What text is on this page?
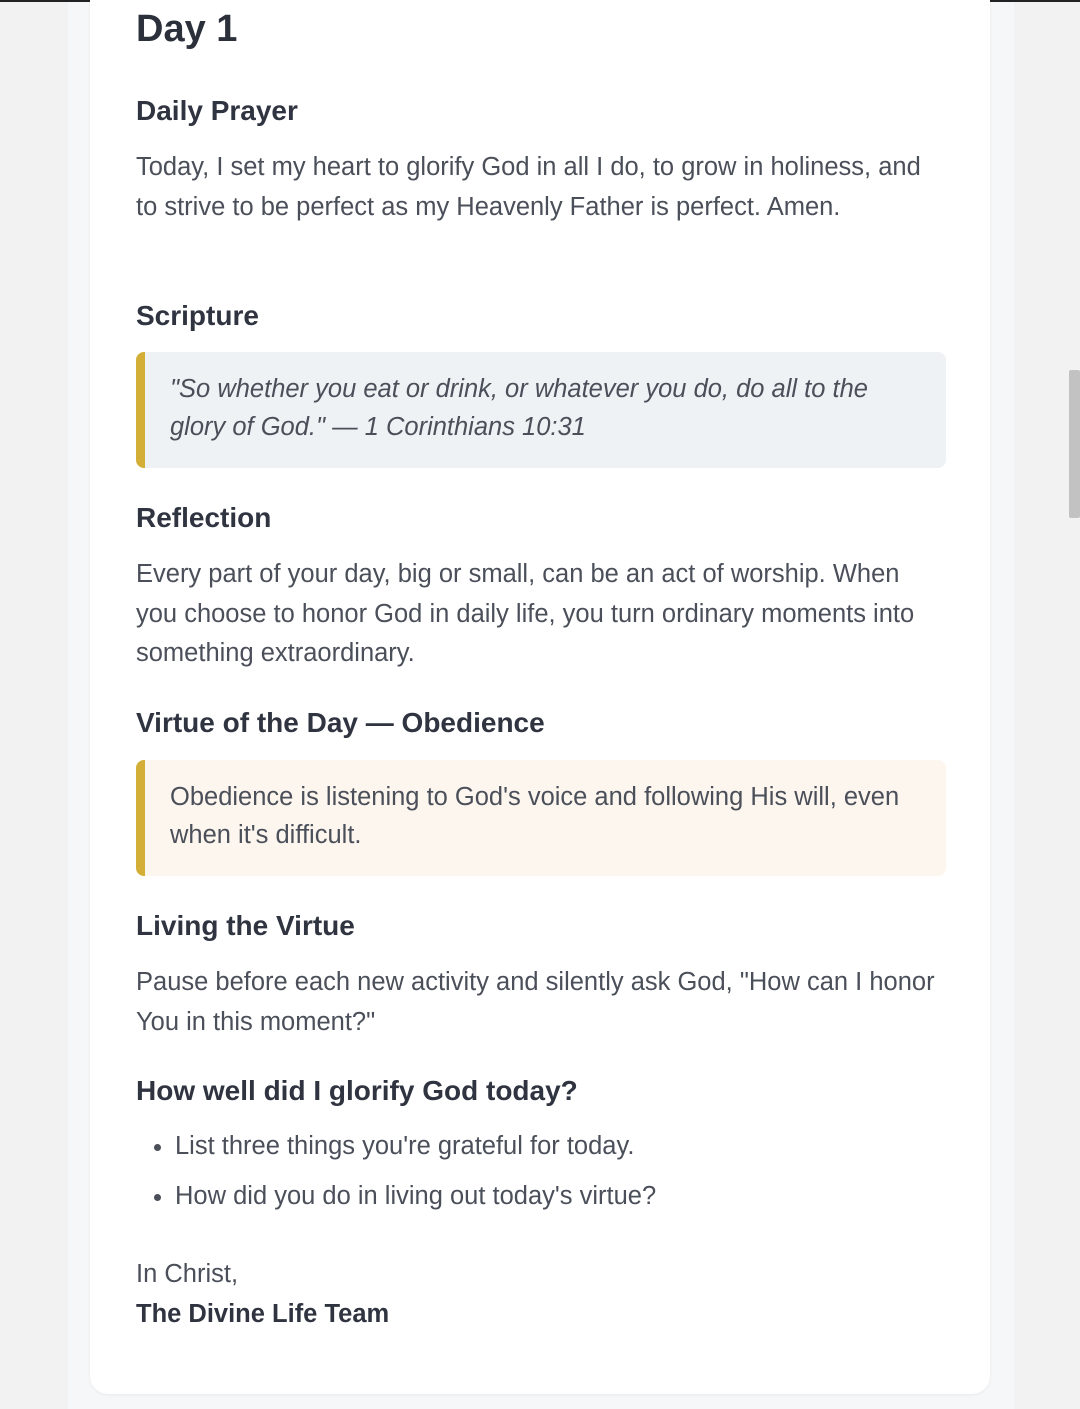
Day 1
Daily Prayer

Today, I set my heart to glorify God in all I do, to grow in holiness, and to strive to be perfect as my Heavenly Father is perfect. Amen.

Scripture
"So whether you eat or drink, or whatever you do, do all to the glory of God." — 1 Corinthians 10:31
Reflection

Every part of your day, big or small, can be an act of worship. When you choose to honor God in daily life, you turn ordinary moments into something extraordinary.

Virtue of the Day — Obedience
Obedience is listening to God's voice and following His will, even when it's difficult.
Living the Virtue

Pause before each new activity and silently ask God, "How can I honor You in this moment?"

How well did I glorify God today?
• List three things you're grateful for today.
• How did you do in living out today's virtue?
In Christ,
The Divine Life Team
